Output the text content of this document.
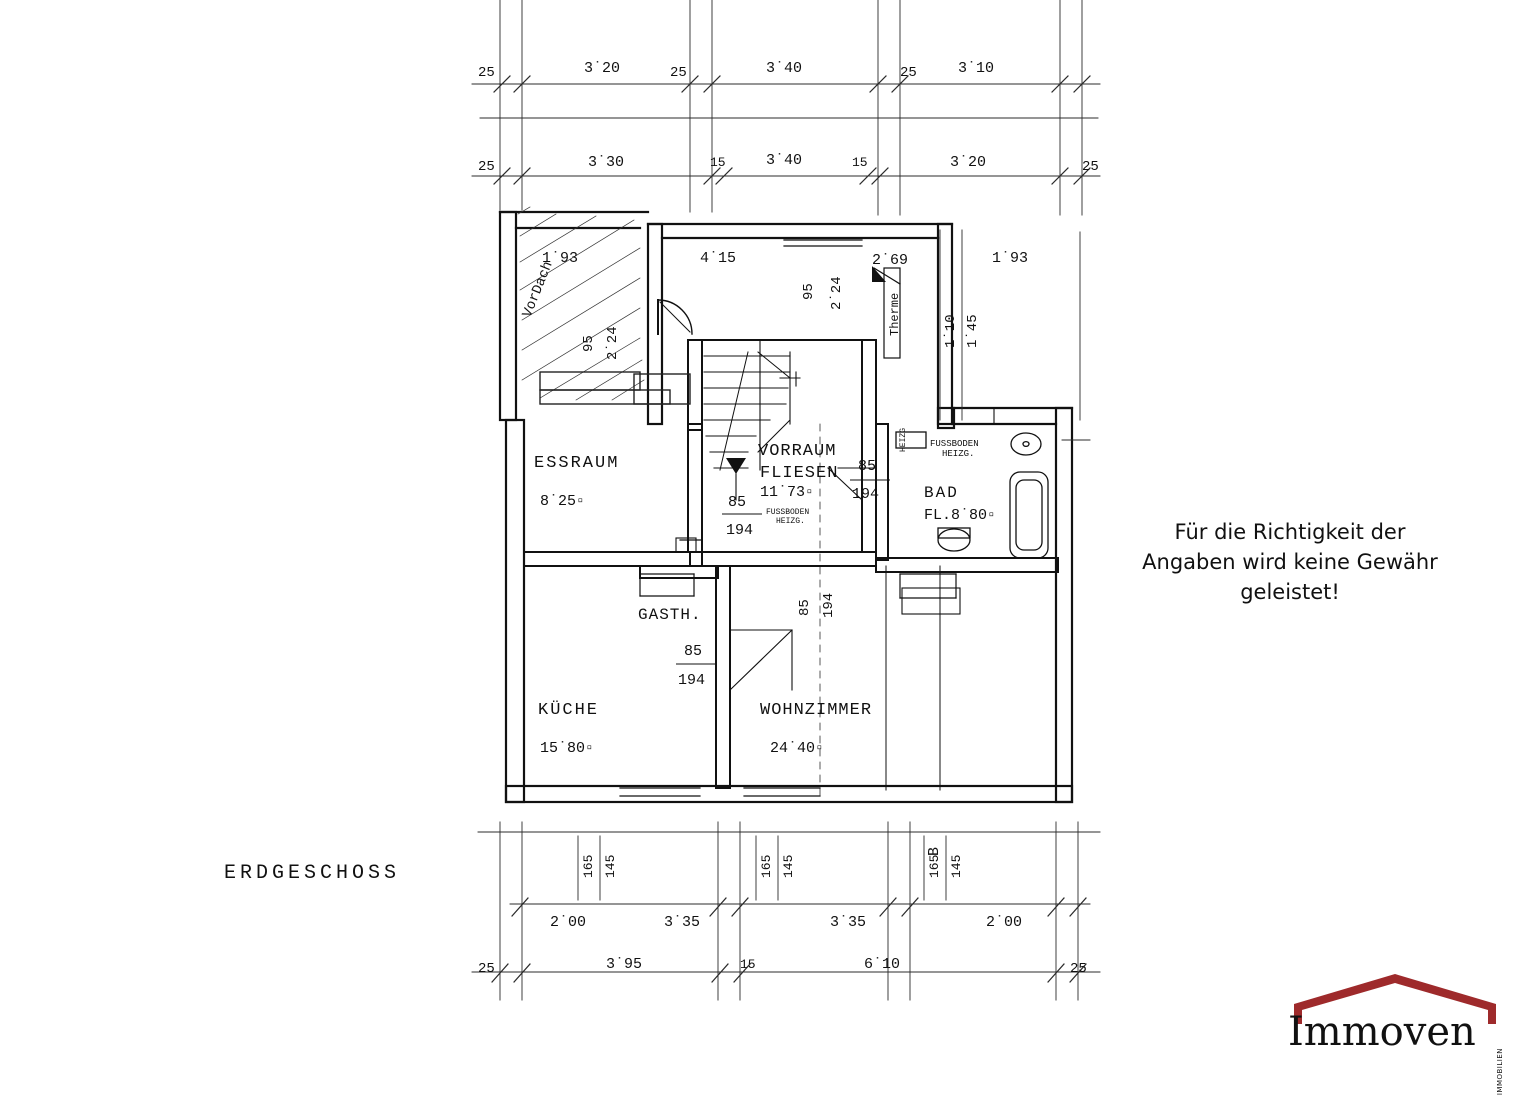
25	3˙20	25	3˙40	25	3˙10
25	3˙30	15	3˙40	15	3˙20	25
1˙93	4˙15	2˙69	1˙93
95 2˙24
95 2˙24
1˙10 1˙45
Therme
VorDach
85 194
ESSRAUM
8˙25▫
VORRAUM
FLIESEN
11˙73▫	BAD
FL.8˙80▫
GASTH.
KÜCHE
15˙80▫
WOHNZIMMER
24˙40▫
85
194
85
194
85
194
FUSSBODEN
HEIZG.
FUSSBODEN
HEIZG.
HEIZG
165 145	165 145	165 145
B
2˙00	3˙35	3˙35	2˙00
25	3˙95	15	6˙10	25
ERDGESCHOSS
Für die Richtigkeit der Angaben wird keine Gewähr geleistet!
Immoven
IMMOBILIEN
